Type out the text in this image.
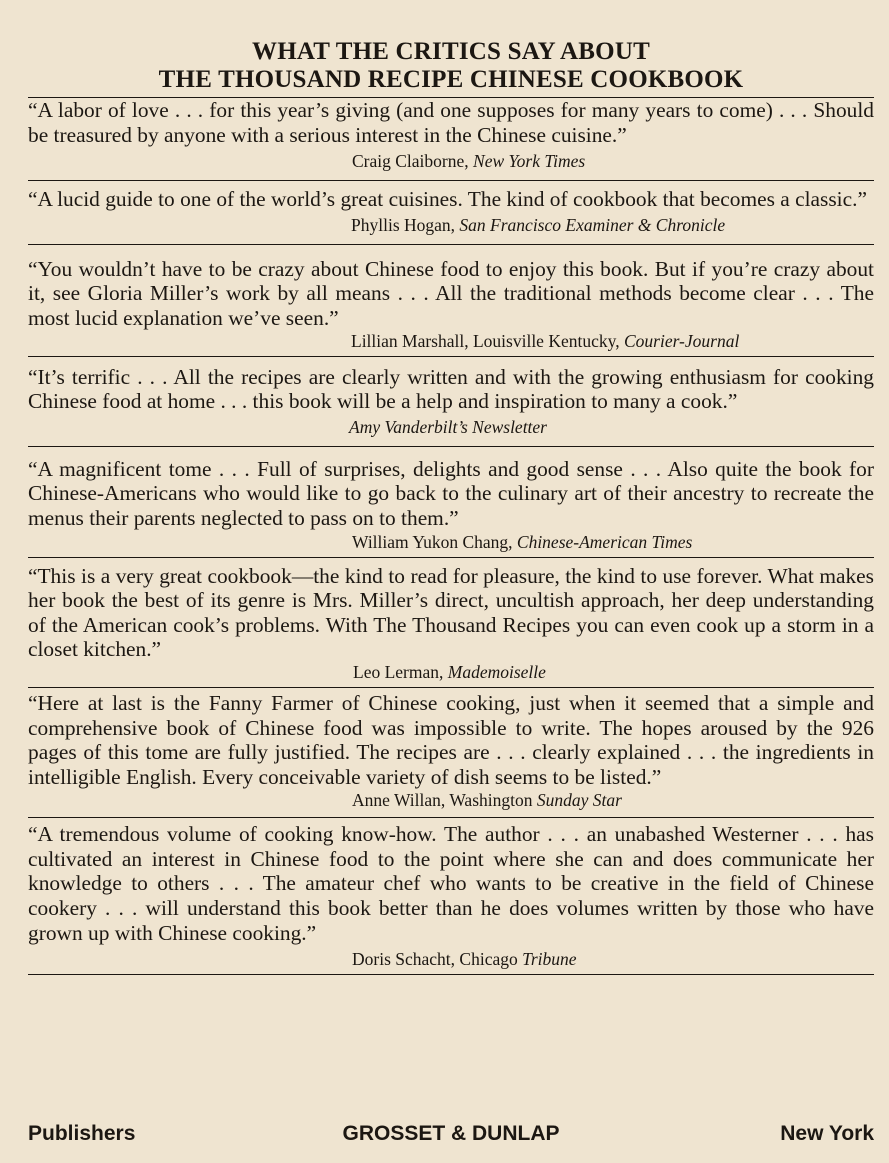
WHAT THE CRITICS SAY ABOUT
THE THOUSAND RECIPE CHINESE COOKBOOK

“A labor of love . . . for this year’s giving (and one supposes for many years to come) . . . Should be treasured by anyone with a serious interest in the Chinese cuisine.”

Craig Claiborne, New York Times

“A lucid guide to one of the world’s great cuisines. The kind of cookbook that becomes a classic.”

Phyllis Hogan, San Francisco Examiner & Chronicle

“You wouldn’t have to be crazy about Chinese food to enjoy this book. But if you’re crazy about it, see Gloria Miller’s work by all means . . . All the traditional methods become clear . . . The most lucid explanation we’ve seen.”

Lillian Marshall, Louisville Kentucky, Courier-Journal

“It’s terrific . . . All the recipes are clearly written and with the growing enthusiasm for cooking Chinese food at home . . . this book will be a help and inspiration to many a cook.”

Amy Vanderbilt’s Newsletter

“A magnificent tome . . . Full of surprises, delights and good sense . . . Also quite the book for Chinese-Americans who would like to go back to the culinary art of their ancestry to recreate the menus their parents neglected to pass on to them.”

William Yukon Chang, Chinese-American Times

“This is a very great cookbook—the kind to read for pleasure, the kind to use forever. What makes her book the best of its genre is Mrs. Miller’s direct, uncultish approach, her deep understanding of the American cook’s problems. With The Thousand Recipes you can even cook up a storm in a closet kitchen.”

Leo Lerman, Mademoiselle

“Here at last is the Fanny Farmer of Chinese cooking, just when it seemed that a simple and comprehensive book of Chinese food was impossible to write. The hopes aroused by the 926 pages of this tome are fully justified. The recipes are . . . clearly explained . . . the ingredients in intelligible English. Every conceivable variety of dish seems to be listed.”

Anne Willan, Washington Sunday Star

“A tremendous volume of cooking know-how. The author . . . an unabashed Westerner . . . has cultivated an interest in Chinese food to the point where she can and does communicate her knowledge to others . . . The amateur chef who wants to be creative in the field of Chinese cookery . . . will understand this book better than he does volumes written by those who have grown up with Chinese cooking.”

Doris Schacht, Chicago Tribune

Publishers	GROSSET & DUNLAP	New York
